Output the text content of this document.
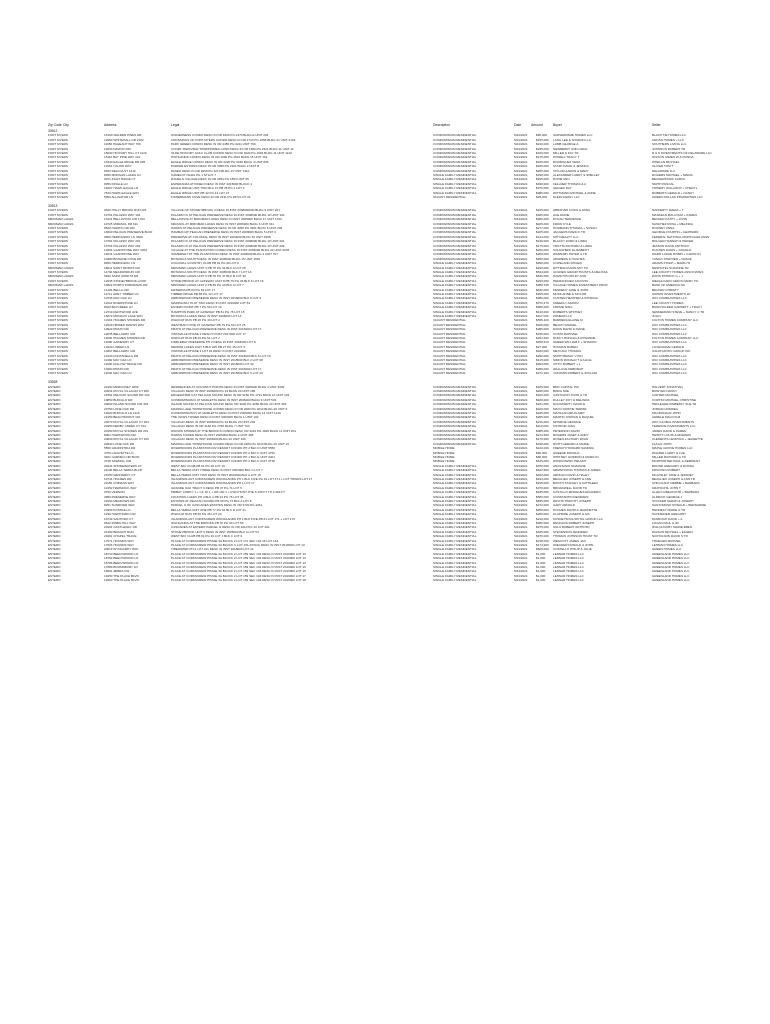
Zip Code City	Address	Legal	Description	Date	Amount	Buyer	Seller
33912
FORT MYERS	15160 WALDEN PINES DR	WILDERNESS CONDO DESC IN OR 1600 PG 2470 BLDG E UNIT 202	CONDOMINIUM RESIDENTIAL	5/24/2021	$85,000	SURVEIPRIME HOMES LLC	BLACK TIE HOMES LLC
FORT MYERS	12650 WHITEHALL DR 2102	CROSSINGS OF FORT MYERS CONDO DESC IN OR 1710 PG 1658 BLDG 21 UNIT 2102	CONDOMINIUM RESIDENTIAL	5/24/2021	$155,000	LANG LEE & SHARON LLC	CROSS HOMES + LLC
FORT MYERS	11650 PAGEANT WAY 706	PARK GREEN CONDO DESC IN OR 2450 PG 3211 UNIT 706	CONDOMINIUM RESIDENTIAL	5/24/2021	$210,000	LUMB GEORGE A	SOUTHERN LIVING LLC
FORT MYERS	13060 DAVINCI DR	COURT PARKVIEW TOWNHOMES COND DESC IN OR 1680 PG 2321 BLDG 11 UNIT 11	CONDOMINIUM RESIDENTIAL	5/24/2021	$235,000	NEWBERRY AND LINDA	JOHNSON ROBERT TR
FORT MYERS	15630 HICKORY HILL CT 1120	OLDE HICKORY GOLF CLUB CONDO DESC IN OR 3220 PG 1981 BLDG 11 UNIT 1120	CONDOMINIUM RESIDENTIAL	5/24/2021	$160,000	MILLER & KAY TR	R & S INVESTMENTS OF DELAWARE LLC
FORT MYERS	15110 BAY PINE WAY 101	HIGHLANDS CONDO DESC IN OR 1900 PG 3521 BLDG 15 UNIT 101	CONDOMINIUM RESIDENTIAL	5/24/2021	$175,000	POWELL TRACY T	WILSON JAMES W & DONNA
FORT MYERS	15340 EAGLE RIDGE DR 605	EAGLE RIDGE CONDO DESC IN OR 2220 PG 3320 BLDG 4 UNIT 605	CONDOMINIUM RESIDENTIAL	5/24/2021	$165,000	RODRIGUEZ VERA	WHELAN MICHAEL
FORT MYERS	11591 TULOW WAY	PARKER ESTATES DESC IN OR 3050 PG 2321 BLDG 3 UNIT B	CONDOMINIUM RESIDENTIAL	5/24/2021	$260,000	STAFF DAVID & JESSICA	OLIVER TOM T
FORT MYERS	8320 DELICIA ST 1310	PASEO DESC IN OR 4050 PG 3210 BLDG 13 UNIT 1310	CONDOMINIUM RESIDENTIAL	5/24/2021	$265,000	TAYLOR AARON & MARY	DELAWARE LLC
FORT MYERS	8350 MORGAN LAKES LN	CAMELOT ISLES PG 1 STLOT 7	SINGLE FAMILY RESIDENTIAL	5/24/2021	$330,000	ALEXANDER LARRY & SHELLEY	ROGERS MICHAEL + MARIA
FORT MYERS	9071 INLET RIDGE CT	DANIELS VILLAGE DESC IN OR 3354 PG 1854 UNIT 65	SINGLE FAMILY RESIDENTIAL	5/24/2021	$295,000	DOHM ANN	BECKERSTAFF CAROL
FORT MYERS	8356 KINGLE LN	ESPERANZA AT PASEO DESC IN INST 2015000 BLOCK 1	SINGLE FAMILY RESIDENTIAL	5/24/2021	$490,000	FELLNER THOMAS & A	SMITH PASCAL
FORT MYERS	14667 HAWK EAGLE LN	EAGLE RIDGE UNIT TWO BLK 10 PB 35 PG 1 LOT 3	SINGLE FAMILY RESIDENTIAL	5/24/2021	$370,000	GEIGER RAY	TOWERY WILLIAM R + CHERYL
FORT MYERS	7810 HAWK EAGLE WAY	EAGLE RIDGE UNIT PB 32 PG 14 LOT 27	SINGLE FAMILY RESIDENTIAL	5/24/2021	$385,000	WITTMANN MICHAEL & ANNE	ROBERTS GERALD + NANCY
FORT MYERS	5050 ALLIGATOR LN	FISHERMANS COVE DESC IN OR 3131 PG 2870 LOT 21	VACANT RESIDENTIAL	5/24/2021	$29,000	KLEIN FAMILY LLC	GREEN DOLLAR PROPERTIES LLC
33913
FORT MYERS	9420 HOLLY BROOK RUN 201	VILLAGE OF STONEYBROOK II DESC IN INST 2008000000 BLDG 9 UNIT 201	CONDOMINIUM RESIDENTIAL	5/24/2021	$105,000	ABRAHAM LOUIS & ANNA	RAFFERTY MARIA + T
FORT MYERS	10761 PALAZZO WAY 104	PALAZZO III AT PELICAN PRESERVE DESC IN INST 2008000 BLDG 10 UNIT 104	CONDOMINIUM RESIDENTIAL	5/24/2021	$300,000	ACE DIANE	MASKEAN MALCOLM + KAREN
MIROMAR LAKES	10121 BELLAVISTA CIR 1703	BELLAVISTA AT MIROMAR LAKES DESC IN INST 2005000 BLDG 17 UNIT 1703	CONDOMINIUM RESIDENTIAL	5/24/2021	$380,000	DOLAN TERRENCE	BECKER KATHY + JOHN
MIROMAR LAKES	10725 MIRASOL DR 611	MIRASOL AT MIROMAR LAKES DESC IN INST 2006000 BLDG 6 UNIT 611	CONDOMINIUM RESIDENTIAL	5/24/2021	$325,000	FRUIN KYLE	SANCHEZ ROSA + MELINDA
FORT MYERS	8520 HAWKS CIR 203	HAWKS AT PELICAN PRESERVE DESC IN OR 4050 PG 3301 BLDG 5 UNIT 203	CONDOMINIUM RESIDENTIAL	5/24/2021	$277,000	HORMANN THOMAS + SUSAN	ROONEY ANNA
FORT MYERS	16600 PELICAN PRESERVE BLVD	HAMMAN AT PELICAN PRESERVE DESC IN INST 2008000 BLDG 5 UNIT 3	CONDOMINIUM RESIDENTIAL	5/24/2021	$325,000	JAGGERS DAVID F TR	GEORGE FOURTIN + GERHARD
FORT MYERS	9650 HEMINGWAY LN 3308	PRESERVE AT COLONIAL DESC IN INST 2004000 BLDG 33 UNIT 3308	CONDOMINIUM RESIDENTIAL	5/24/2021	$144,000	MTH REALTY LLC	FEDERAL NATIONAL MORTGAGE ASSN
FORT MYERS	10781 PALAZZO WAY 201	PALAZZO III AT PELICAN PRESERVE DESC IN INST 2008000 BLDG 10 UNIT 201	CONDOMINIUM RESIDENTIAL	5/24/2021	$310,000	BLACKY FORD & LINDA	BOLGER HANNAH & HEIFER
FORT MYERS	10791 PALAZZO WAY 202	PALAZZO III AT PELICAN PRESERVE DESC IN INST 2008000 BLDG 10 UNIT 202	CONDOMINIUM RESIDENTIAL	5/24/2021	$175,000	TROTTA RICHARD & LINDA	JESSON DAVID ANTHONY
FORT MYERS	10451 GLADSTONE WAY 2202	VILLAGE AT THE PLANTATION CONDO DESC IN INST 2004000 BLDG 22 UNIT 2202	CONDOMINIUM RESIDENTIAL	5/24/2021	$200,000	VOLDAHEFF ELIZABETH	HUGHES DANIS + DONALD
FORT MYERS	12031 GLADSTONE WAY	SOMERSET AT THE PLANTATION DESC IN INST 2006000 BLDG 4 UNIT 707	CONDOMINIUM RESIDENTIAL	5/24/2021	$300,000	WANNABY PETER & TR	WARN LANCE ROBIN + CAROLYN
FORT MYERS	10380 BONAVIE COVE DR	BOTANICA SOUTH DESC IN INST 2005000 BLDG 15 UNIT 1501	CONDOMINIUM RESIDENTIAL	5/24/2021	$360,000	APAWERS & HUGHES	YANGO STEPHEN + FRANK
FORT MYERS	8350 HEMINGWAY LN	COLONIAL COUNTRY CLUB PB 81 PG 90 LOT 8	SINGLE FAMILY RESIDENTIAL	5/24/2021	$390,000	COPELAND ROGER	ADAMS PHILIP + MARILYN
MIROMAR LAKES	18011 SAINT MORITZ DR	MIROMAR LAKES UNIT 4 PB 78 PG 64 BLK A LOT 28	SINGLE FAMILY RESIDENTIAL	5/24/2021	$930,000	DITTMAN KAPALSKY TR	DESHOTEL SUZANNE TR
FORT MYERS	11740 MEADOWRUN CIR	BOTANICA SOUTH DESC IN INST 2005000 BLK 7 LOT 14	SINGLE FAMILY RESIDENTIAL	5/24/2021	$544,000	GOLDEN GRAND TRUSTS & MELISSA	LEE COUNTY HOMES ASSOCIATES
MIROMAR LAKES	9940 SAINT MORITZ DR	MIROMAR LAKES UNIT 3 PB 78 PG 37 BLK B LOT 30	SINGLE FAMILY RESIDENTIAL	5/24/2021	$840,000	HAMILTON WILDY ANN	DAVIS PATRICK G + J
FORT MYERS	12035 STONEYBROOK LOOP	STONEYBROOK AT GATEWAY UNIT 8 PB 76 PG 33 BLK 6 LOT 15	SINGLE FAMILY RESIDENTIAL	5/24/2021	$233,000	HEFRANOVEZ JACOVIN	WEALE FARO GEM IN MARY TR
MIROMAR LAKES	10822 PORTO FORMANZO DR	MIROMAR LAKES UNIT 2 PB 83 PG 10 BLK A LOT 7	SINGLE FAMILY RESIDENTIAL	5/24/2021	$388,725	VILLAGE HOMES INVESTMENT PROP	BANK OF AMERICA NA
FORT MYERS	14181 BELLA CIR	MATERRA PB 83 PG 83 LOT 17	SINGLE FAMILY RESIDENTIAL	5/24/2021	$630,000	KENNEDY JANE & JOHN	BECKER CHRISTY
FORT MYERS	11711 GREY TIMBER LN	TIMBER RIDGE PB 85 PG 12 LOT 17	SINGLE FAMILY RESIDENTIAL	5/24/2021	$295,000	MUSK ANNE & TAYLOR	SUPRIS INVESTMENTS LP
FORT MYERS	10735 MAY OAK LN	ARBORWOOD PRESERVE DESC IN INST 2015000 BLK 8 LOT 3	SINGLE FAMILY RESIDENTIAL	5/24/2021	$380,000	CUSTER HEATHER & PATRICIA	WCI COMMUNITIES LLC
FORT MYERS	11641 RIVERSTONE LN	MARINA BAY PLAT TWO DESC IN INST 2010000 LOT 54	SINGLE FAMILY RESIDENTIAL	5/24/2021	$376,470	CREEKLY AARON	LEE COUNTY HOMES
FORT MYERS	8020 BAYCREEK LN	ESTERO POINT PB 7 PG 59 LOT 10	SINGLE FAMILY RESIDENTIAL	5/24/2021	$380,000	FROME NING	BURKHOLDER GARRETT + TRACY
FORT MYERS	12719 KENTWOOD AVE	HAMPTON PARK AT GATEWAY PB 81 PG 78 LOT 15	SINGLE FAMILY RESIDENTIAL	5/24/2021	$410,000	ROBERTS WHITNEY	SENNEMANN STEVE + NANCY C TR
FORT MYERS	16073 MONACO LAKE WAY	BOTANICA LAKES DESC IN INST 2006000 LOT 14	SINGLE FAMILY RESIDENTIAL	5/24/2021	$117,000	ZONERS LLC	JULIO
FORT MYERS	13101 HOLMES SHORES DR	WILDCAT RUN PB 26 PG 40 LOT 2	VACANT RESIDENTIAL	5/24/2021	$565,420	BARRERA ELAINE M	FULTON HOMES COMPANY LLC
FORT MYERS	12640 HIDDEN MARSH WAY	WESTMAN COVE AT GATEWAY PB 79 PG 50 LOT 25	VACANT RESIDENTIAL	5/24/2021	$320,000	BEACH SAMUEL	WCI COMMUNITIES LLC
FORT MYERS	10923 PRATO DR	PRATO AT PELICAN PRESERVE DESC IN INST 2016000 LOT 17	VACANT RESIDENTIAL	5/24/2021	$285,000	DAVIS DAVID & DIANE	WCI COMMUNITIES LLC
FORT MYERS	12035 BELLAWAY CIR	VISTAVILLE PHASE 2 DESC IN INST 2017000 LOT 17	VACANT RESIDENTIAL	5/24/2021	$336,000	COSTA RAPHAEL	WCI COMMUNITIES LLC
FORT MYERS	11840 HOLMES SHORES DR	WILDCAT RUN PB 26 PG 51 LOT 2	VACANT RESIDENTIAL	5/24/2021	$344,600	DUFFY RONALD & ROSANNE	FULTON HOMES COMPANY LLC
FORT MYERS	11660 GAINEWAY CT	FIDDLEBAY PRESERVE PH 2 DESC IN INST 2018000 LOT 8	VACANT RESIDENTIAL	5/24/2021	$458,610	GREER WILLIAM F + SHARON	WCI COMMUNITIES LLC
FORT MYERS	13420 LINDEN LN	MIRROR LAKES UNIT 5 BLK 225 PB 27 PG 15 LOT 3	VACANT RESIDENTIAL	5/24/2021	$27,000	HOLMAN RUBEN	LOVEGRAVE GERALD
FORT MYERS	14897 BELLAWAY CIR	VISTAVILLE PHASE 3 LOT 92 DESC IN INST 2019000	VACANT RESIDENTIAL	5/24/2021	$320,000	METCALF THOMAS	CALATLANTIC GROUP INC
FORT MYERS	10130 FONTANELLA DR	PRATO AT PELICAN PRESERVE DESC IN INST 2016000 BLK 6 LOT 15	VACANT RESIDENTIAL	5/24/2021	$290,000	SMITH BRADY LYNN	WCI COMMUNITIES LLC
FORT MYERS	11390 MAY OAK LN	ARBORWOOD PRESERVE DESC IN INST 2015000 BLK 2 LOT 68	VACANT RESIDENTIAL	5/24/2021	$415,000	SIMON RONALD T & ALICE	WCI COMMUNITIES LLC
FORT MYERS	11600 FALLOW TRACE DR	ARBORWOOD PRESERVE DESC IN INST 2015000 LOT 42	VACANT RESIDENTIAL	5/24/2021	$394,000	VITTO ROBERT + L	WCI COMMUNITIES LLC
FORT MYERS	10390 PRATO DR	PRATO AT PELICAN PRESERVE DESC IN INST 2016000 LOT 17	VACANT RESIDENTIAL	5/24/2021	$289,000	WALLACE DEBORAH	WCI COMMUNITIES LLC
FORT MYERS	11640 MAY OAK LN	ARBORWOOD PRESERVE DESC IN INST 2015000 BLK 5 LOT 23	VACANT RESIDENTIAL	5/24/2021	$372,100	YAKOMIN ROBERT & JOCLAIR	WCI COMMUNITIES LLC
33928
ESTERO	23160 MARCONEY 3209	RESIDENCES AT COCONUT POINTE DESC IN INST 2006000 BLDG 3 UNIT 3209	CONDOMINIUM RESIDENTIAL	5/24/2021	$325,000	BMC CAPITAL INC	HALVERT JONATHAN
ESTERO	20631 ROYAL VILLAGIO CT 206	VILLAGIO DESC IN INST 2006000 PG 33 BLDG 20 UNIT 206	CONDOMINIUM RESIDENTIAL	5/24/2021	$260,000	BORG SUE	BOWYER NANCY
ESTERO	21561 PELICAN SOUND DR 103	EDGEWATER II AT PELICAN SOUND DESC IN OR 3150 PG 1791 BLDG 10 UNIT 103	CONDOMINIUM RESIDENTIAL	5/24/2021	$320,000	CASTAGNO JOHN G TR	CARTER MICHAEL
ESTERO	19850 BUFFALO DR	CONDOMINIUM II AT MARLETTA DESC IN INST 2006000 BLDG 9 UNIT 503	CONDOMINIUM RESIDENTIAL	5/24/2021	$180,000	DULLEY ROY & MELINDA	CORTINI MICHAEL CHRISTINE
ESTERO	20090 ISLAND SOUND CIR 403	ISLAND SOUND AT PELICAN SOUND DESC OR 3020 PG 3280 BLDG 10 UNIT 403	CONDOMINIUM RESIDENTIAL	5/24/2021	$221,000	DOUGHERTY DAVID E	HEFLEGER KIMBERLY SUE TR
ESTERO	20750 LONE OAK DR	MARINA LAKE TOWNHOUSE CONDO DESC IN OR 2280 PG 3210 BLDG 20 UNIT 6	CONDOMINIUM RESIDENTIAL	5/24/2021	$220,000	MAYO KRISTIE TERRIE	JORDAN ANDREA
ESTERO	19200 BUFFALO LN 1416	CONDOMINIUM IV AT MARLETTA DESC IN INST 2006000 BLDG 14 UNIT 1416	CONDOMINIUM RESIDENTIAL	5/24/2021	$195,000	MAHAJAN ARUN AMIT	MACDONALD JOHN
ESTERO	21350 BEACHFRONT 102	THE OASIS TOWER DESC IN INST 2006000 BLDG 1 UNIT 102	CONDOMINIUM RESIDENTIAL	5/24/2021	$285,000	MARTIN JORDAN & RAQUEL	CERELE MALCOLM
ESTERO	20270 ROYAL VILLAGIO CT 203	VILLAGIO DESC IN INST 2006000 PG 33 BLDG 20 UNIT 203	CONDOMINIUM RESIDENTIAL	5/24/2021	$216,000	MONROE GEORGE	WAY GLOBAL INVESTMENTS
ESTERO	20450 DERBY CREEK CT 703	VILLAGIO DESC IN OR 4160 PG 2760 BLDG 7 UNIT 703	CONDOMINIUM RESIDENTIAL	5/24/2021	$113,000	OSTROM JANA	TERENCE INVESTMENTS LLC
ESTERO	20150 ROYAL SHORES DR 201	WOODS SHORES AT THE BROOKS CONDO DESC OR 3210 PG 1820 BLDG 11 UNIT 201	CONDOMINIUM RESIDENTIAL	5/24/2021	$385,000	PETERSON DAVID	JAMES DAVID & KAREN
ESTERO	8001 HAWKWOOD DR	HAWKS TOWER DESC IN INST 2006000 BLDG 2 UNIT 408	CONDOMINIUM RESIDENTIAL	5/24/2021	$214,500	ROGERS JANET & ANDY	HEWITT LOUIS & EDWARD
ESTERO	20830 ROYAL VILLAGIO CT 106	VILLAGIO DESC IN INST 2006000 BLDG 20 UNIT 106	CONDOMINIUM RESIDENTIAL	5/24/2021	$175,000	ROSEN ZACHARY EVAN	CLEMENTS LEOPOLD + JEANETTE
ESTERO	20630 LONE OAK DR	MARINA LAKE TOWNHOUSE CONDO DESC IN OR 2280 PG 3210 BLDG 20 UNIT 10	CONDOMINIUM RESIDENTIAL	5/24/2021	$198,000	ROTH GERARD & MARIE	FLAGG JOHN
ESTERO	5550 GRADISTRIA DR	RIVERWOODS PLANTATION RV RESORT CONDO PH 2 BLK D UNIT 5550	MOBILE HOME	5/24/2021	$120,000	FRENCH HOWARD SANDRA	MAPLE GROVE HOMES LLC
ESTERO	4750 LAFAYETTE LN	RIVERWOODS PLANTATION RV RESORT CONDO PH 2 BLK F UNIT 4750	MOBILE HOME	5/24/2021	$90,000	GREENE DONALD	PALMER LARRY & LUE
ESTERO	3401 GARDEN CIR BLVD	RIVERWOODS PLANTATION RV RESORT CONDO PH 1 BLK E UNIT 3401	MOBILE HOME	5/24/2021	$80,000	WHITNEY GORDON & MARILYN	MILLER RICHARD G TR
ESTERO	4738 SAWMILL CIR	RIVERWOODS PLANTATION RV RESORT CONDO PH 2 BLK F UNIT 4738	MOBILE HOME	5/24/2021	$125,000	WOSIKOWSKI HELMUT	MCWHORTER PAUL & DEBORAH
ESTERO	20244 SHOREWATERS CT	WEST BAY CLUB PB 61 PG 20 LOT 16	SINGLE FAMILY RESIDENTIAL	5/24/2021	$700,000	ANASTASIO SUZANNE	BOONE GREGORY & DONNA
ESTERO	21130 BELLA TERRA BLVD	BELLA TERRA UNIT THREE DESC IN INST 2004000 BLK C LOT 7	SINGLE FAMILY RESIDENTIAL	5/24/2021	$422,500	ARMSTRONG THOMAS & JAMES	FRICKING ROBERT
ESTERO	21550 WESTERRY CT	BELLA TERRA UNIT TWO DESC IN INST 2004000 BLK A LOT 15	SINGLE FAMILY RESIDENTIAL	5/24/2021	$400,000	ARNOLD DAVID & HALEY	MCGINLEY JANE & JEFFREY
ESTERO	10741 HOLMES DR	ISLANDSOLANT CORKSCREW WOODLANDS PH 1 BLK FIVE PG 61 LOT 171 + LOT TOWNS LOT 17	SINGLE FAMILY RESIDENTIAL	5/24/2021	$434,000	BEAULIEU JOSEPH & ANN	BEAULIEU JOSEPH & ANN TR
ESTERO	21150 COBIANS WAY	ISLANDSOLANT CORKSCREW WOODLANDS PH 1 LOT 17	SINGLE FAMILY RESIDENTIAL	5/24/2021	$235,000	BOOTH STANLEY & KATHLEEN	CHICOLANT DEBBIE + BARBARA
ESTERO	10152 HAMMOCK WAY	GRANDE OAK TRACT 3 DESC PB 47 PG 71 LOT 5	SINGLE FAMILY RESIDENTIAL	5/24/2021	$370,000	BROADWELL DAVID TR	KRATOCHIL JOHN T
ESTERO	9760 VERNON	PRIBAY CORKY 1 + CF 18 1 + OR 160 1 + R EN HUNT THE S 150 FT TH 3 264 FT	SINGLE FAMILY RESIDENTIAL	5/24/2021	$345,000	CASTILLO-MORGUES EDUARDO	ALLEN GIDEON PJR + BARBARA
ESTERO	3950 PRESERVE WAY	FOUNTAIN LAKES PH 4 BLK 1 PB 44 PG 75 LOT 35	SINGLE FAMILY RESIDENTIAL	5/24/2021	$580,000	CONSTANTIN DENMARK	ALDRICH GEORGE J
ESTERO	21650 MEADOWS DR	ESTATES AT PELICAN SOUND PB 63 PG 71 BLK A LOT 8	SINGLE FAMILY RESIDENTIAL	5/24/2021	$835,000	DEVITA TIMOTHY JOSEPH	STACKER SARAH & JOSEPH
ESTERO	8251 SUNRIVER WAY	PARCEL G OF CASCADES ESTATES DESC IN OR 3720 PG 4261	SINGLE FAMILY RESIDENTIAL	5/24/2021	$272,000	GARY ARNOLD	SANTOMASO RONALD + BERNADINE
ESTERO	20360 KOSHLE LN	BELLA TERRA UNIT ONE PB 77 PG 94 BLK D LOT 21	SINGLE FAMILY RESIDENTIAL	5/24/2021	$258,000	HOLMES DAVID & JEANNETTE	HENNESY MARIE G TR
ESTERO	1230 HAWTHORN CIR	WILDCAT RUN PB 60 PG 45 LOT 20	SINGLE FAMILY RESIDENTIAL	5/24/2021	$290,000	KLAPRIDE JOSEPH & IVA	SCHNEIDER GREGORY
ESTERO	10743 SANTORO CT	ISLANDSOLANT CORKSCREW WOODLANDS PH 1 BLK FIVE PB 61 LOT 171 + LOT 173	SINGLE FAMILY RESIDENTIAL	5/24/2021	$210,000	KUSNETSOVA SPITAL GROUP LLC	PANDOGH DAVID + A
ESTERO	9612 ROBIN HILL WAY	HIGHLANDS AT THE BROOKS PB 78 PG 60 LOT 53	SINGLE FAMILY RESIDENTIAL	5/24/2021	$300,000	RENOLDS ROBERT JOSEPH	LOGAN PAUL & JR
ESTERO	20101 CASTLEWAY DR	CASCADES AT ESTERO PARCEL D DESC IN OR 3210 PG 10 LOT 201	SINGLE FAMILY RESIDENTIAL	5/24/2021	$275,000	SOLA ROBERT ANTHONY	WILLOUGHBY MARIE EBEN
ESTERO	21350 BRANCH RUN	STONEYBROOK UNIT 5 DESC IN INST 2005000 BLK A LOT 54	SINGLE FAMILY RESIDENTIAL	5/24/2021	$405,000	STEVENSON JENNIFER	WILSON MICHAEL + EILEEN
ESTERO	20461 CHAPEL TRACE	WEST BAY CLUB PB 61 PG 20 LOT 1 BLK C LOT 6	SINGLE FAMILY RESIDENTIAL	5/24/2021	$370,000	THOMAS JOHNSON TRUST TR	NICHOLSON DAVID S TR
ESTERO	17571 HOUNDS WAY	PLACE AT CORKSCREW PHASE 3A BLOCK 2 LOT 171 SEC 104 16 LOT 164	SINGLE FAMILY RESIDENTIAL	5/24/2021	$318,000	WESCOTT JAMES JAN	TRAEGER MICHAEL
ESTERO	17504 HOUNDS WAY	PLACE AT CORKSCREW PHASE 3A BLOCK C LOT 151 ASSOC DESC IN INST 2019000 LOT 13	SINGLE FAMILY RESIDENTIAL	5/24/2021	$174,900	WIEGNER DONALD & JOHN	LEHMAN HOMES LLC
ESTERO	20013 WYNGARDY WAY	TIDEWATER PH 2 LOT 221 DESC IN INST 2018000 LOT 12	SINGLE FAMILY RESIDENTIAL	5/24/2021	$609,000	COSTELLO PHILIP & JULIE	GREEN HOMES LLC
ESTERO	18710 BEECHWOOD LN	PLACE AT CORKSCREW PHASE 3A BLOCK 2 LOT 159 SEC 104 DESC IN INST 2019000 LOT 12	SINGLE FAMILY RESIDENTIAL	5/24/2021	$1,000	LENNAR HOMES LLC	GREENLAND HOMES LLC
ESTERO	18752 BEECHWOOD LN	PLACE AT CORKSCREW PHASE 3A BLOCK 2 LOT 159 SEC 104 DESC IN INST 2019000 LOT 13	SINGLE FAMILY RESIDENTIAL	5/24/2021	$1,000	LENNAR HOMES LLC	GREENLAND HOMES LLC
ESTERO	18786 BEECHWOOD LN	PLACE AT CORKSCREW PHASE 3A BLOCK 2 LOT 159 SEC 104 DESC IN INST 2019000 LOT 14	SINGLE FAMILY RESIDENTIAL	5/24/2021	$1,000	LENNAR HOMES LLC	GREENLAND HOMES LLC
ESTERO	17880 BOOMSBURY LN	PLACE AT CORKSCREW PHASE 3A BLOCK 2 LOT 159 SEC 104 DESC IN INST 2019000 LOT 15	SINGLE FAMILY RESIDENTIAL	5/24/2021	$1,000	LENNAR HOMES LLC	GREENLAND HOMES LLC
ESTERO	19601 ZEBRA CIR	PLACE AT CORKSCREW PHASE 3A BLOCK 2 LOT 159 SEC 104 DESC IN INST 2019000 LOT 16	SINGLE FAMILY RESIDENTIAL	5/24/2021	$1,000	LENNAR HOMES LLC	GREENLAND HOMES LLC
ESTERO	19450 THE PLACE BLVD	PLACE AT CORKSCREW PHASE 3A BLOCK 2 LOT 159 SEC 104 DESC IN INST 2019000 LOT 17	SINGLE FAMILY RESIDENTIAL	5/24/2021	$1,000	LENNAR HOMES LLC	GREENLAND HOMES LLC
ESTERO	19400 THE PLACE BLVD	PLACE AT CORKSCREW PHASE 3A BLOCK 2 LOT 159 SEC 104 DESC IN INST 2019000 LOT 18	SINGLE FAMILY RESIDENTIAL	5/24/2021	$1,000	LENNAR HOMES LLC	GREENLAND HOMES LLC
